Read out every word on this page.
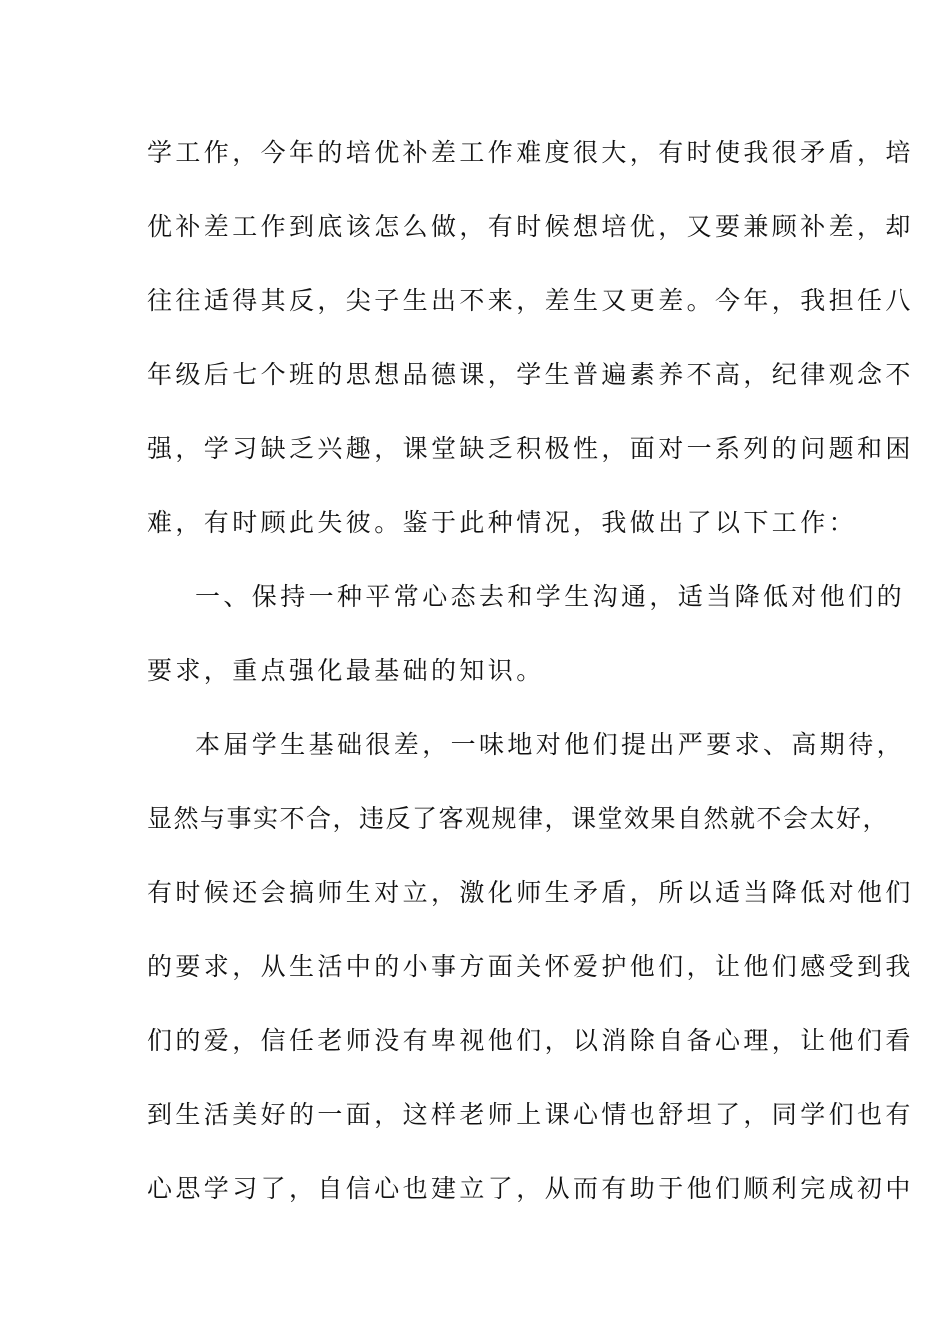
学工作，今年的培优补差工作难度很大，有时使我很矛盾，培
优补差工作到底该怎么做，有时候想培优，又要兼顾补差，却
往往适得其反，尖子生出不来，差生又更差。今年，我担任八
年级后七个班的思想品德课，学生普遍素养不高，纪律观念不
强，学习缺乏兴趣，课堂缺乏积极性，面对一系列的问题和困
难，有时顾此失彼。鉴于此种情况，我做出了以下工作：
一、保持一种平常心态去和学生沟通，适当降低对他们的
要求，重点强化最基础的知识。
本届学生基础很差，一味地对他们提出严要求、高期待，
显然与事实不合，违反了客观规律，课堂效果自然就不会太好，
有时候还会搞师生对立，激化师生矛盾，所以适当降低对他们
的要求，从生活中的小事方面关怀爱护他们，让他们感受到我
们的爱，信任老师没有卑视他们，以消除自备心理，让他们看
到生活美好的一面，这样老师上课心情也舒坦了，同学们也有
心思学习了，自信心也建立了，从而有助于他们顺利完成初中
